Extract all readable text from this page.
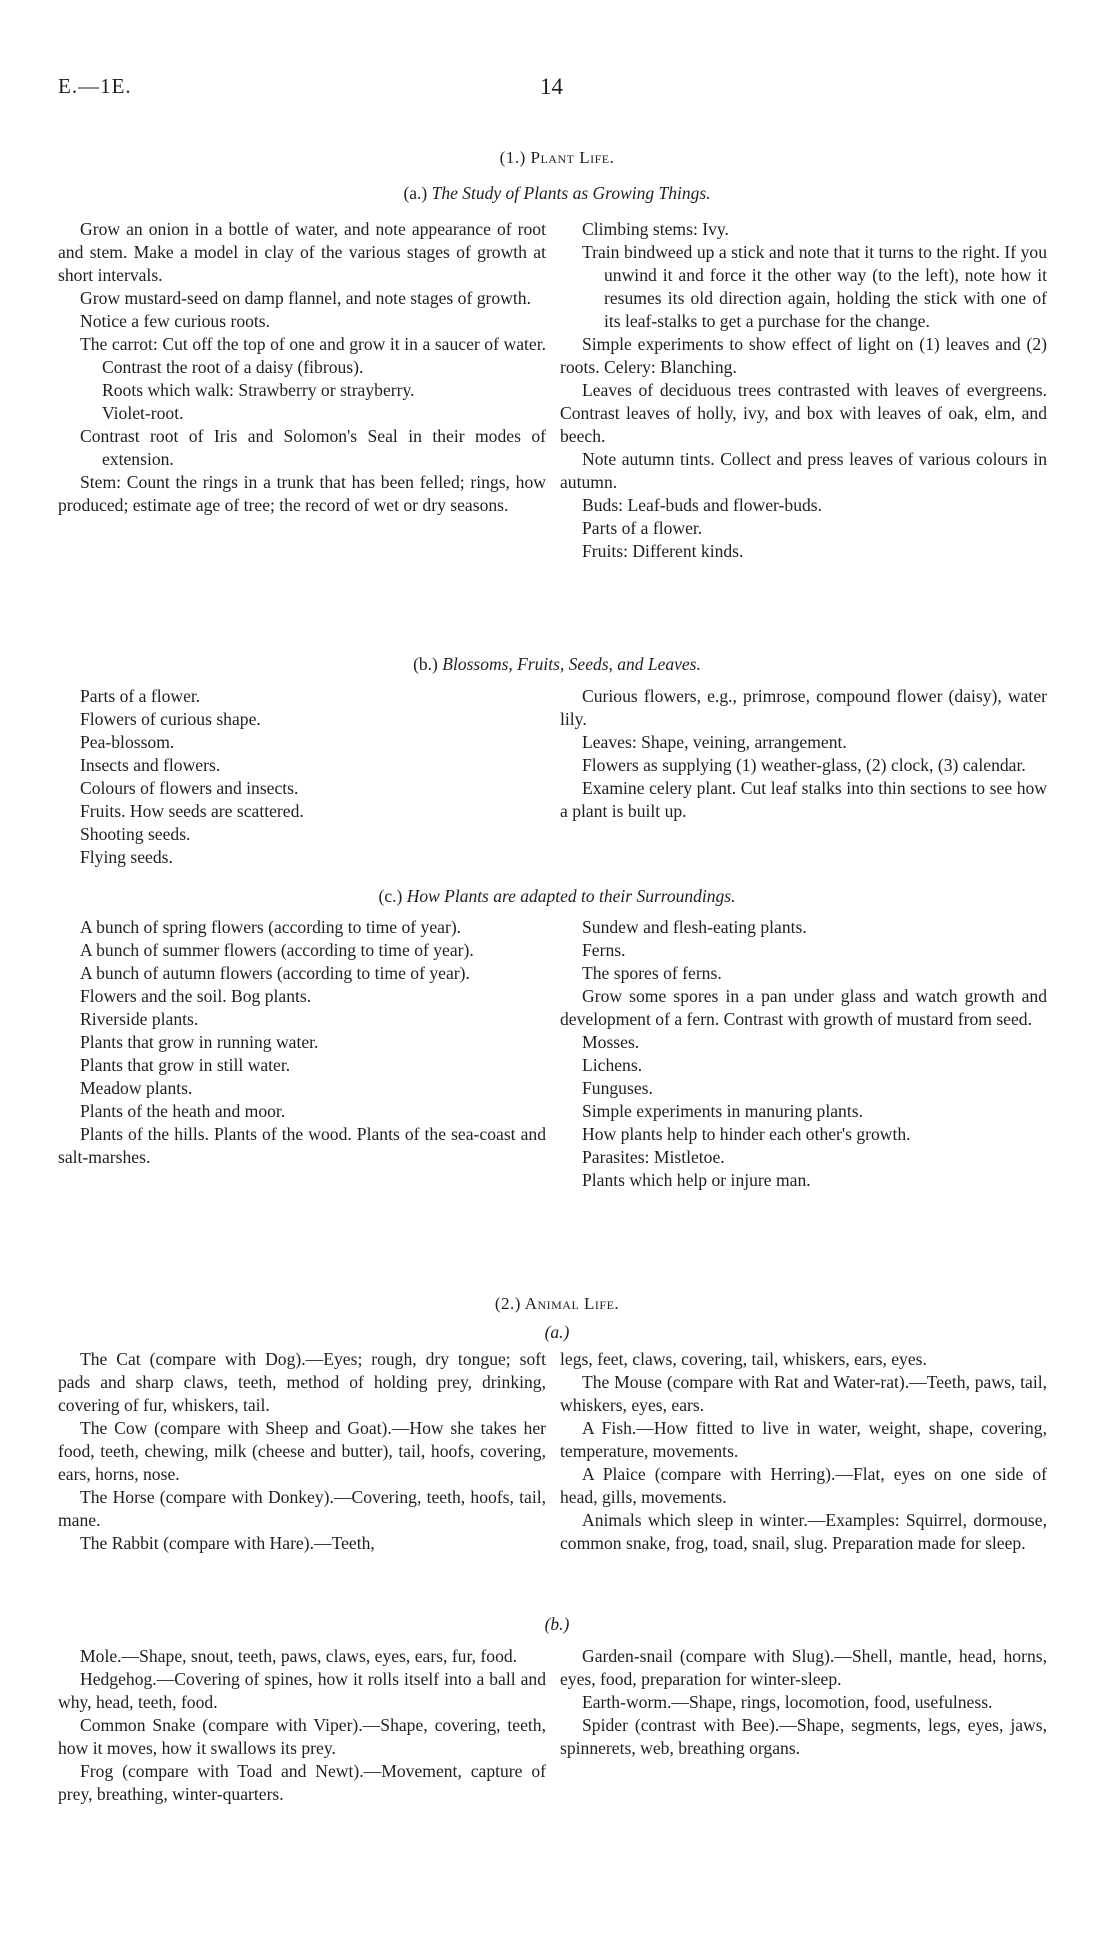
E.—1E.	14
(1.) Plant Life.
(a.) The Study of Plants as Growing Things.

Grow an onion in a bottle of water, and note appearance of root and stem. Make a model in clay of the various stages of growth at short intervals.

Grow mustard-seed on damp flannel, and note stages of growth.

Notice a few curious roots.

The carrot: Cut off the top of one and grow it in a saucer of water. Contrast the root of a daisy (fibrous).

Roots which walk: Strawberry or strayberry.

Violet-root.

Contrast root of Iris and Solomon's Seal in their modes of extension.

Stem: Count the rings in a trunk that has been felled; rings, how produced; estimate age of tree; the record of wet or dry seasons.

Climbing stems: Ivy.

Train bindweed up a stick and note that it turns to the right. If you unwind it and force it the other way (to the left), note how it resumes its old direction again, holding the stick with one of its leaf-stalks to get a purchase for the change.

Simple experiments to show effect of light on (1) leaves and (2) roots. Celery: Blanching.

Leaves of deciduous trees contrasted with leaves of evergreens. Contrast leaves of holly, ivy, and box with leaves of oak, elm, and beech.

Note autumn tints. Collect and press leaves of various colours in autumn.

Buds: Leaf-buds and flower-buds.

Parts of a flower.

Fruits: Different kinds.

(b.) Blossoms, Fruits, Seeds, and Leaves.

Parts of a flower.

Flowers of curious shape.

Pea-blossom.

Insects and flowers.

Colours of flowers and insects.

Fruits. How seeds are scattered.

Shooting seeds.

Flying seeds.

Curious flowers, e.g., primrose, compound flower (daisy), water lily.

Leaves: Shape, veining, arrangement.

Flowers as supplying (1) weather-glass, (2) clock, (3) calendar.

Examine celery plant. Cut leaf stalks into thin sections to see how a plant is built up.

(c.) How Plants are adapted to their Surroundings.

A bunch of spring flowers (according to time of year).

A bunch of summer flowers (according to time of year).

A bunch of autumn flowers (according to time of year).

Flowers and the soil. Bog plants.

Riverside plants.

Plants that grow in running water.

Plants that grow in still water.

Meadow plants.

Plants of the heath and moor.

Plants of the hills. Plants of the wood. Plants of the sea-coast and salt-marshes.

Sundew and flesh-eating plants.

Ferns.

The spores of ferns.

Grow some spores in a pan under glass and watch growth and development of a fern. Contrast with growth of mustard from seed.

Mosses.

Lichens.

Funguses.

Simple experiments in manuring plants.

How plants help to hinder each other's growth.

Parasites: Mistletoe.

Plants which help or injure man.

(2.) Animal Life.
(a.)

The Cat (compare with Dog).—Eyes; rough, dry tongue; soft pads and sharp claws, teeth, method of holding prey, drinking, covering of fur, whiskers, tail.

The Cow (compare with Sheep and Goat).—How she takes her food, teeth, chewing, milk (cheese and butter), tail, hoofs, covering, ears, horns, nose.

The Horse (compare with Donkey).—Covering, teeth, hoofs, tail, mane.

The Rabbit (compare with Hare).—Teeth,

legs, feet, claws, covering, tail, whiskers, ears, eyes.

The Mouse (compare with Rat and Water-rat).—Teeth, paws, tail, whiskers, eyes, ears.

A Fish.—How fitted to live in water, weight, shape, covering, temperature, movements.

A Plaice (compare with Herring).—Flat, eyes on one side of head, gills, movements.

Animals which sleep in winter.—Examples: Squirrel, dormouse, common snake, frog, toad, snail, slug. Preparation made for sleep.

(b.)

Mole.—Shape, snout, teeth, paws, claws, eyes, ears, fur, food.

Hedgehog.—Covering of spines, how it rolls itself into a ball and why, head, teeth, food.

Common Snake (compare with Viper).—Shape, covering, teeth, how it moves, how it swallows its prey.

Frog (compare with Toad and Newt).—Movement, capture of prey, breathing, winter-quarters.

Garden-snail (compare with Slug).—Shell, mantle, head, horns, eyes, food, preparation for winter-sleep.

Earth-worm.—Shape, rings, locomotion, food, usefulness.

Spider (contrast with Bee).—Shape, segments, legs, eyes, jaws, spinnerets, web, breathing organs.
